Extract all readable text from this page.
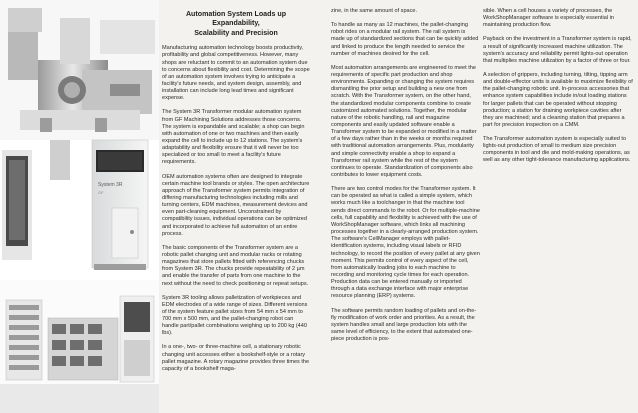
System 3R
GF
Automation System Loads up Expandability,
Scalability and Precision

Manufacturing automation technology boosts productivity, profitability and global competitiveness. However, many shops are reluctant to commit to an automation system due to concerns about flexibility and cost. Determining the scope of an automation system involves trying to anticipate a facility's future needs, and system design, assembly, and installation can include long lead times and significant expense.

The System 3R Transformer modular automation system from GF Machining Solutions addresses those concerns. The system is expandable and scalable; a shop can begin with automation of one or two machines and then easily expand the cell to include up to 12 stations. The system's adaptability and flexibility ensure that it will never be too specialized or too small to meet a facility's future requirements.

OEM automation systems often are designed to integrate certain machine tool brands or styles. The open architecture approach of the Transformer system permits integration of differing manufacturing technologies including mills and turning centers, EDM machines, measurement devices and even part-cleaning equipment. Unconstrained by compatibility issues, individual operations can be optimized and incorporated to achieve full automation of an entire process.

The basic components of the Transformer system are a robotic pallet changing unit and modular racks or rotating magazines that store pallets fitted with referencing chucks from System 3R. The chucks provide repeatability of 2 µm and enable the transfer of parts from one machine to the next without the need to check positioning or repeat setups.

System 3R tooling allows palletization of workpieces and EDM electrodes of a wide range of sizes. Different versions of the system feature pallet sizes from 54 mm x 54 mm to 700 mm x 500 mm, and the pallet-changing robot can handle part/pallet combinations weighing up to 200 kg (440 lbs).

In a one-, two- or three-machine cell, a stationary robotic changing unit accesses either a bookshelf-style or a rotary pallet magazine. A rotary magazine provides three times the capacity of a bookshelf maga-

zine, in the same amount of space.

To handle as many as 12 machines, the pallet-changing robot rides on a modular rail system. The rail system is made up of standardized sections that can be quickly added and linked to produce the length needed to service the number of machines desired for the cell.

Most automation arrangements are engineered to meet the requirements of specific part production and shop environments. Expanding or changing the system requires dismantling the prior setup and building a new one from scratch. With the Transformer system, on the other hand, the standardized modular components combine to create customized automated solutions. Together, the modular nature of the robotic handling, rail and magazine components and easily updated software enable a Transformer system to be expanded or modified in a matter of a few days rather than in the weeks or months required with traditional automation arrangements. Plus, modularity and simple connectivity enable a shop to expand a Transformer rail system while the rest of the system continues to operate. Standardization of components also contributes to lower equipment costs.

There are two control modes for the Transformer system. It can be operated as what is called a simple system, which works much like a toolchanger in that the machine tool sends direct commands to the robot. Or for multiple-machine cells, full capability and flexibility is achieved with the use of WorkShopManager software, which links all machining processes together in a clearly-arranged production system. The software's CellManager employs with pallet-identification systems, including visual labels or RFID technology, to record the position of every pallet at any given moment. This permits control of every aspect of the cell, from automatically loading jobs to each machine to recording and monitoring cycle times for each operation. Production data can be entered manually or imported through a data exchange interface with major enterprise resource planning (ERP) systems.

The software permits random loading of pallets and on-the-fly modification of work order and priorities. As a result, the system handles small and large production lots with the same level of efficiency, to the extent that automated one-piece production is pos-

sible. When a cell houses a variety of processes, the WorkShopManager software is especially essential in maintaining production flow.

Payback on the investment in a Transformer system is rapid, a result of significantly increased machine utilization. The system's accuracy and reliability permit lights-out operation that multiplies machine utilization by a factor of three or four.

A selection of grippers, including turning, tilting, tipping arm and double-effector units is available to maximize flexibility of the pallet-changing robotic unit. In-process accessories that enhance system capabilities include in/out loading stations for larger pallets that can be operated without stopping production; a station for draining workpiece cavities after they are machined; and a cleaning station that prepares a part for precision inspection on a CMM.

The Transformer automation system is especially suited to lights-out production of small to medium size precision components in tool and die and mold-making operations, as well as any other tight-tolerance manufacturing applications.
